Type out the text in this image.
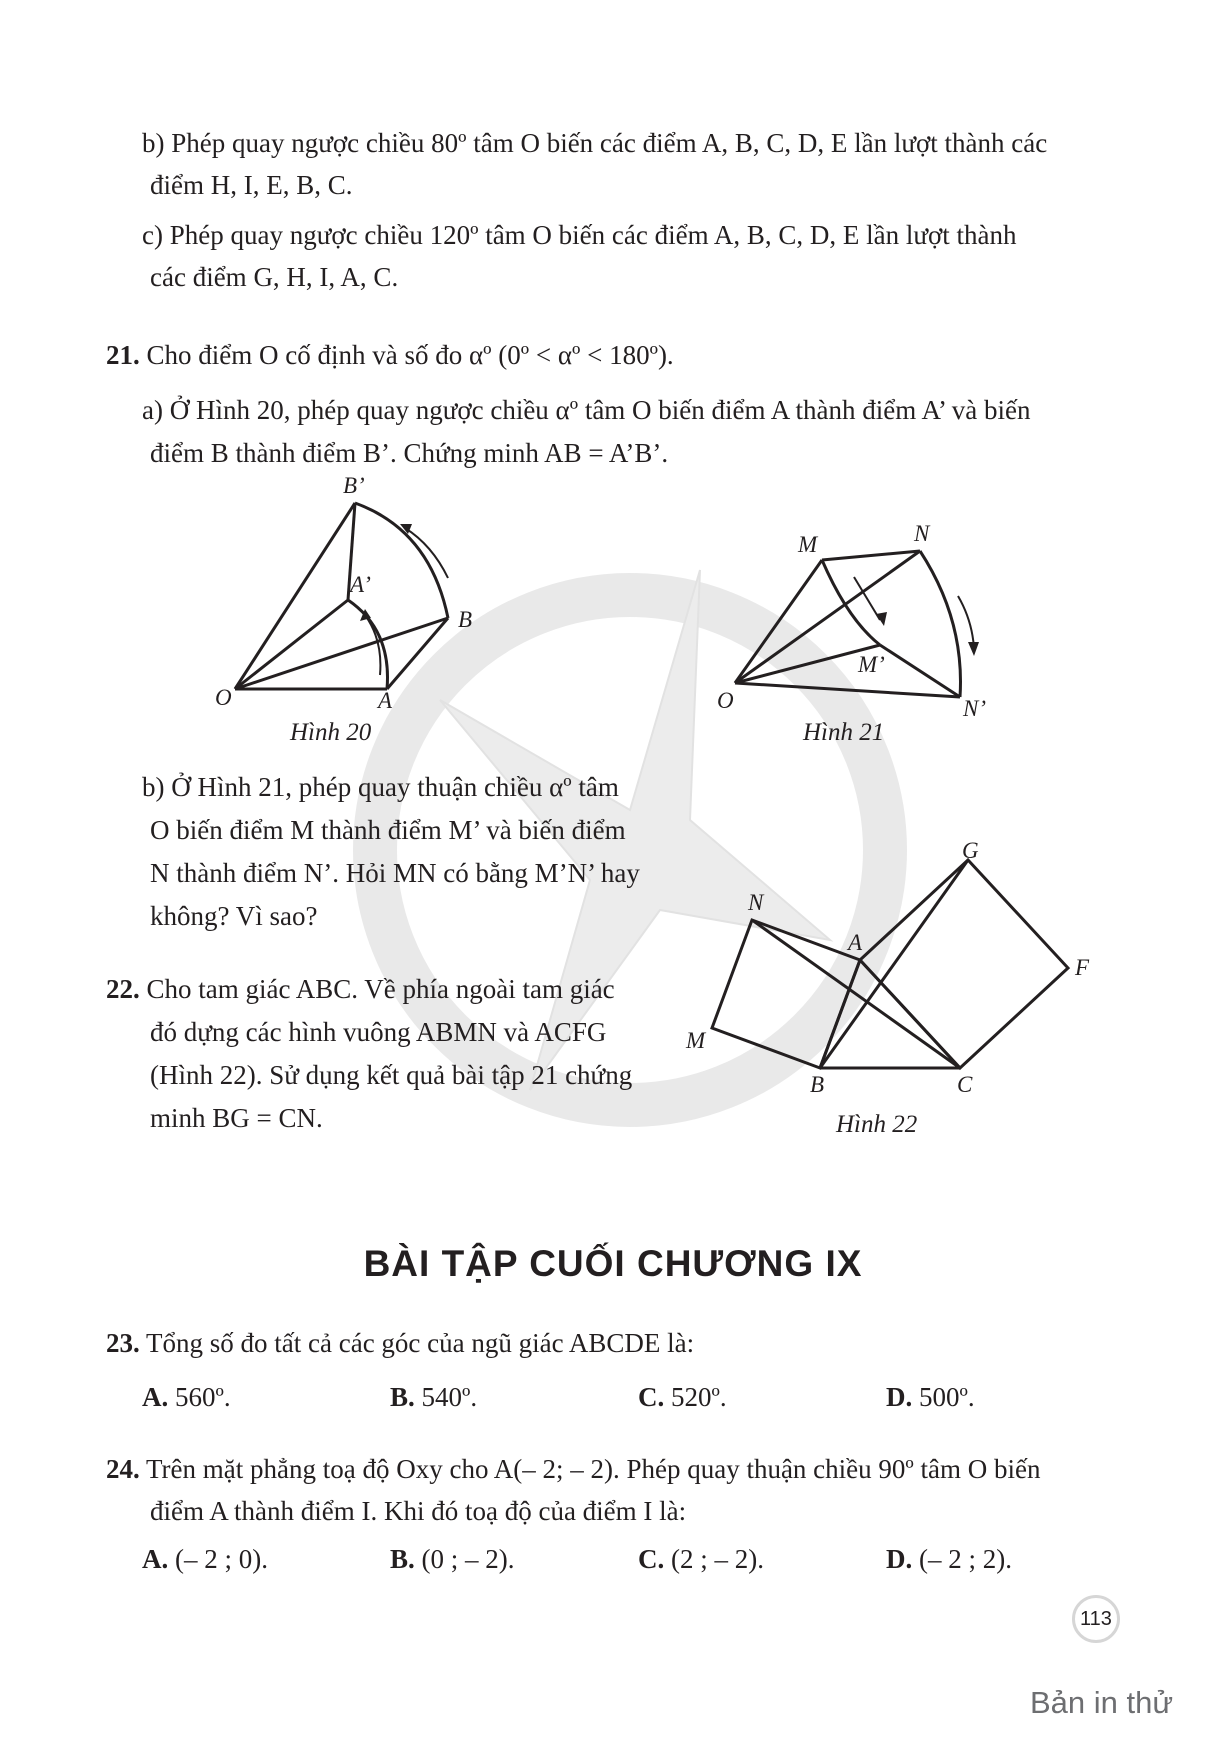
b) Phép quay ngược chiều 80º tâm O biến các điểm A, B, C, D, E lần lượt thành các
điểm H, I, E, B, C.
c) Phép quay ngược chiều 120º tâm O biến các điểm A, B, C, D, E lần lượt thành
các điểm G, H, I, A, C.
21. Cho điểm O cố định và số đo αº (0º < αº < 180º).
a) Ở Hình 20, phép quay ngược chiều αº tâm O biến điểm A thành điểm A’ và biến
điểm B thành điểm B’. Chứng minh AB = A’B’.
O	A
B
A’
B’
Hình 20
O
M	N
M’
N’
Hình 21
b) Ở Hình 21, phép quay thuận chiều αº tâm
O biến điểm M thành điểm M’ và biến điểm
N thành điểm N’. Hỏi MN có bằng M’N’ hay
không? Vì sao?
22. Cho tam giác ABC. Về phía ngoài tam giác
đó dựng các hình vuông ABMN và ACFG
(Hình 22). Sử dụng kết quả bài tập 21 chứng
minh BG = CN.
G
N
A
F
M
B	C
Hình 22
BÀI TẬP CUỐI CHƯƠNG IX
23. Tổng số đo tất cả các góc của ngũ giác ABCDE là:
A. 560º.	B. 540º.	C. 520º.	D. 500º.
24. Trên mặt phẳng toạ độ Oxy cho A(– 2; – 2). Phép quay thuận chiều 90º tâm O biến
điểm A thành điểm I. Khi đó toạ độ của điểm I là:
A. (– 2 ; 0).	B. (0 ; – 2).	C. (2 ; – 2).	D. (– 2 ; 2).
113
Bản in thử
